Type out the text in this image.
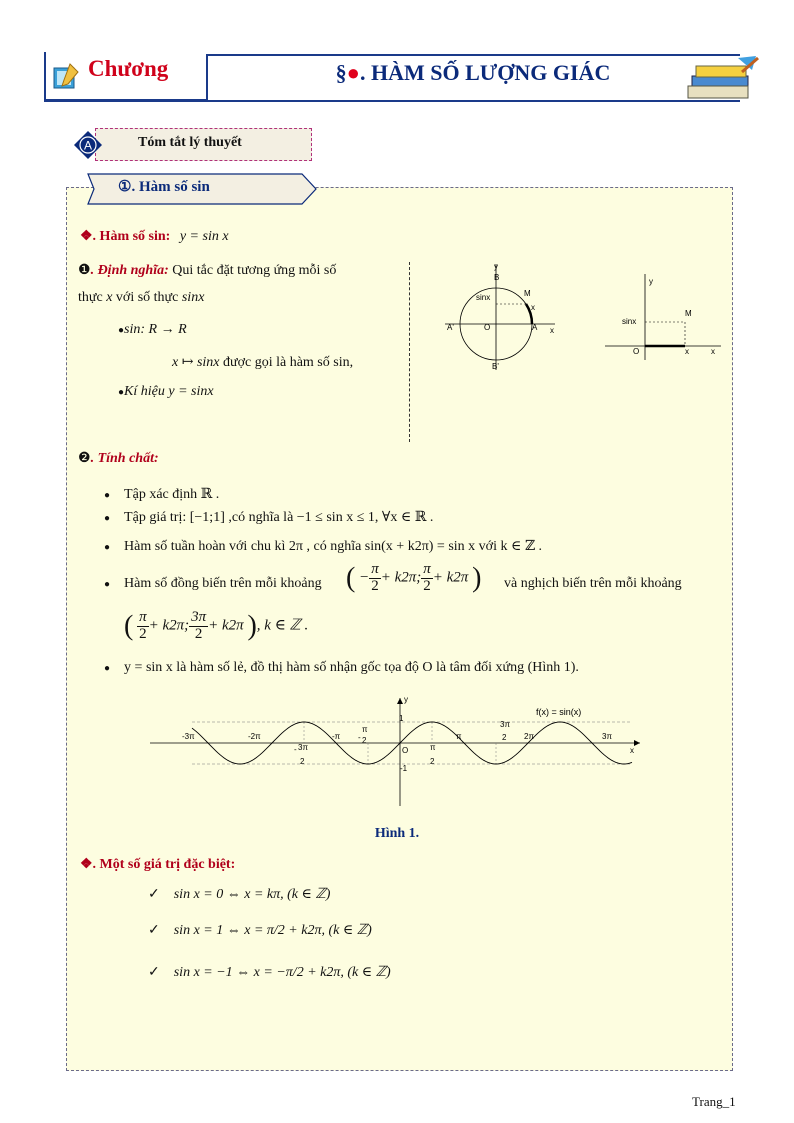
Chương	§●. HÀM SỐ LƯỢNG GIÁC
A	Tóm tắt lý thuyết
①. Hàm số sin
❖. Hàm số sin: y = sin x
❶. Định nghĩa: Qui tắc đặt tương ứng mỗi số
thực x với số thực sinx
●sin: R → R
x ↦ sinx được gọi là hàm số sin,
●Kí hiệu y = sinx
y
B
M
sinx
x
A'	O	A x
B'
y
M
sinx
O	x	x
❷. Tính chất:
● Tập xác định ℝ .
● Tập giá trị: [−1;1] ,có nghĩa là −1 ≤ sin x ≤ 1, ∀x ∈ ℝ .
● Hàm số tuần hoàn với chu kì 2π , có nghĩa sin(x + k2π) = sin x với k ∈ ℤ .
● Hàm số đồng biến trên mỗi khoảng ( − $\frac{\pi}{2} + k2\pi$; $\frac{\pi}{2} + k2\pi$ ) và nghịch biến trên mỗi khoảng
( $\frac{\pi}{2} + k2\pi$; $\frac{3\pi}{2} + k2\pi$ ), k ∈ ℤ .
● y = sin x là hàm số lẻ, đồ thị hàm số nhận gốc tọa độ O là tâm đối xứng (Hình 1).
-3π	-2π	-π	π	2π	3π
- 3π
2
π
- 2
π
2
3π
2
y
x
O
1
-1
f(x) = sin(x)
Hình 1.
❖. Một số giá trị đặc biệt:
✓ sin x = 0 ⇔ x = kπ, (k ∈ ℤ)
✓ sin x = 1 ⇔ x = π/2 + k2π, (k ∈ ℤ)
✓ sin x = −1 ⇔ x = −π/2 + k2π, (k ∈ ℤ)
Trang_1
